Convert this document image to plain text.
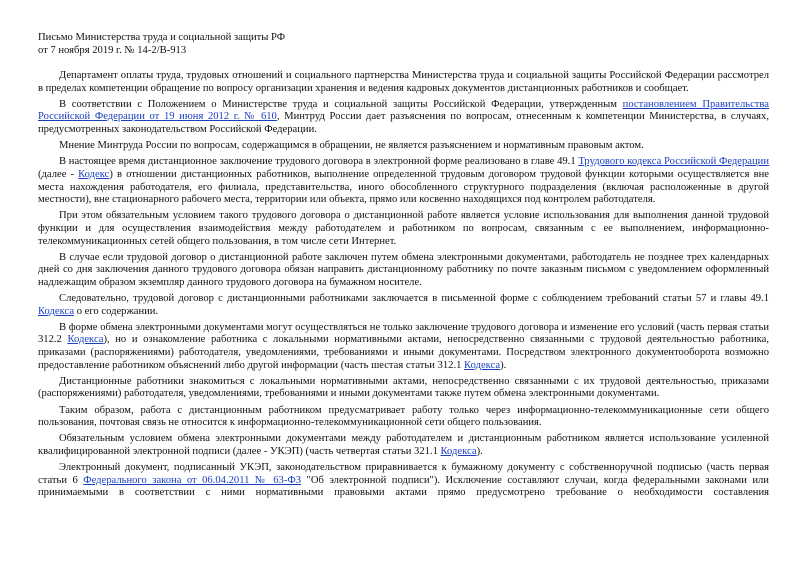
Письмо Министерства труда и социальной защиты РФ
от 7 ноября 2019 г. № 14-2/В-913

Департамент оплаты труда, трудовых отношений и социального партнерства Министерства труда и социальной защиты Российской Федерации рассмотрел в пределах компетенции обращение по вопросу организации хранения и ведения кадровых документов дистанционных работников и сообщает.

В соответствии с Положением о Министерстве труда и социальной защиты Российской Федерации, утвержденным постановлением Правительства Российской Федерации от 19 июня 2012 г. № 610, Минтруд России дает разъяснения по вопросам, отнесенным к компетенции Министерства, в случаях, предусмотренных законодательством Российской Федерации.

Мнение Минтруда России по вопросам, содержащимся в обращении, не является разъяснением и нормативным правовым актом.

В настоящее время дистанционное заключение трудового договора в электронной форме реализовано в главе 49.1 Трудового кодекса Российской Федерации (далее - Кодекс) в отношении дистанционных работников, выполнение определенной трудовым договором трудовой функции которыми осуществляется вне места нахождения работодателя, его филиала, представительства, иного обособленного структурного подразделения (включая расположенные в другой местности), вне стационарного рабочего места, территории или объекта, прямо или косвенно находящихся под контролем работодателя.

При этом обязательным условием такого трудового договора о дистанционной работе является условие использования для выполнения данной трудовой функции и для осуществления взаимодействия между работодателем и работником по вопросам, связанным с ее выполнением, информационно-телекоммуникационных сетей общего пользования, в том числе сети Интернет.

В случае если трудовой договор о дистанционной работе заключен путем обмена электронными документами, работодатель не позднее трех календарных дней со дня заключения данного трудового договора обязан направить дистанционному работнику по почте заказным письмом с уведомлением оформленный надлежащим образом экземпляр данного трудового договора на бумажном носителе.

Следовательно, трудовой договор с дистанционными работниками заключается в письменной форме с соблюдением требований статьи 57 и главы 49.1 Кодекса о его содержании.

В форме обмена электронными документами могут осуществляться не только заключение трудового договора и изменение его условий (часть первая статьи 312.2 Кодекса), но и ознакомление работника с локальными нормативными актами, непосредственно связанными с трудовой деятельностью работника, приказами (распоряжениями) работодателя, уведомлениями, требованиями и иными документами. Посредством электронного документооборота возможно предоставление работником объяснений либо другой информации (часть шестая статьи 312.1 Кодекса).

Дистанционные работники знакомиться с локальными нормативными актами, непосредственно связанными с их трудовой деятельностью, приказами (распоряжениями) работодателя, уведомлениями, требованиями и иными документами также путем обмена электронными документами.

Таким образом, работа с дистанционным работником предусматривает работу только через информационно-телекоммуникационные сети общего пользования, почтовая связь не относится к информационно-телекоммуникационной сети общего пользования.

Обязательным условием обмена электронными документами между работодателем и дистанционным работником является использование усиленной квалифицированной электронной подписи (далее - УКЭП) (часть четвертая статьи 321.1 Кодекса).

Электронный документ, подписанный УКЭП, законодательством приравнивается к бумажному документу с собственноручной подписью (часть первая статьи 6 Федерального закона от 06.04.2011 № 63-ФЗ "Об электронной подписи"). Исключение составляют случаи, когда федеральными законами или принимаемыми в соответствии с ними нормативными правовыми актами прямо предусмотрено требование о необходимости составления
